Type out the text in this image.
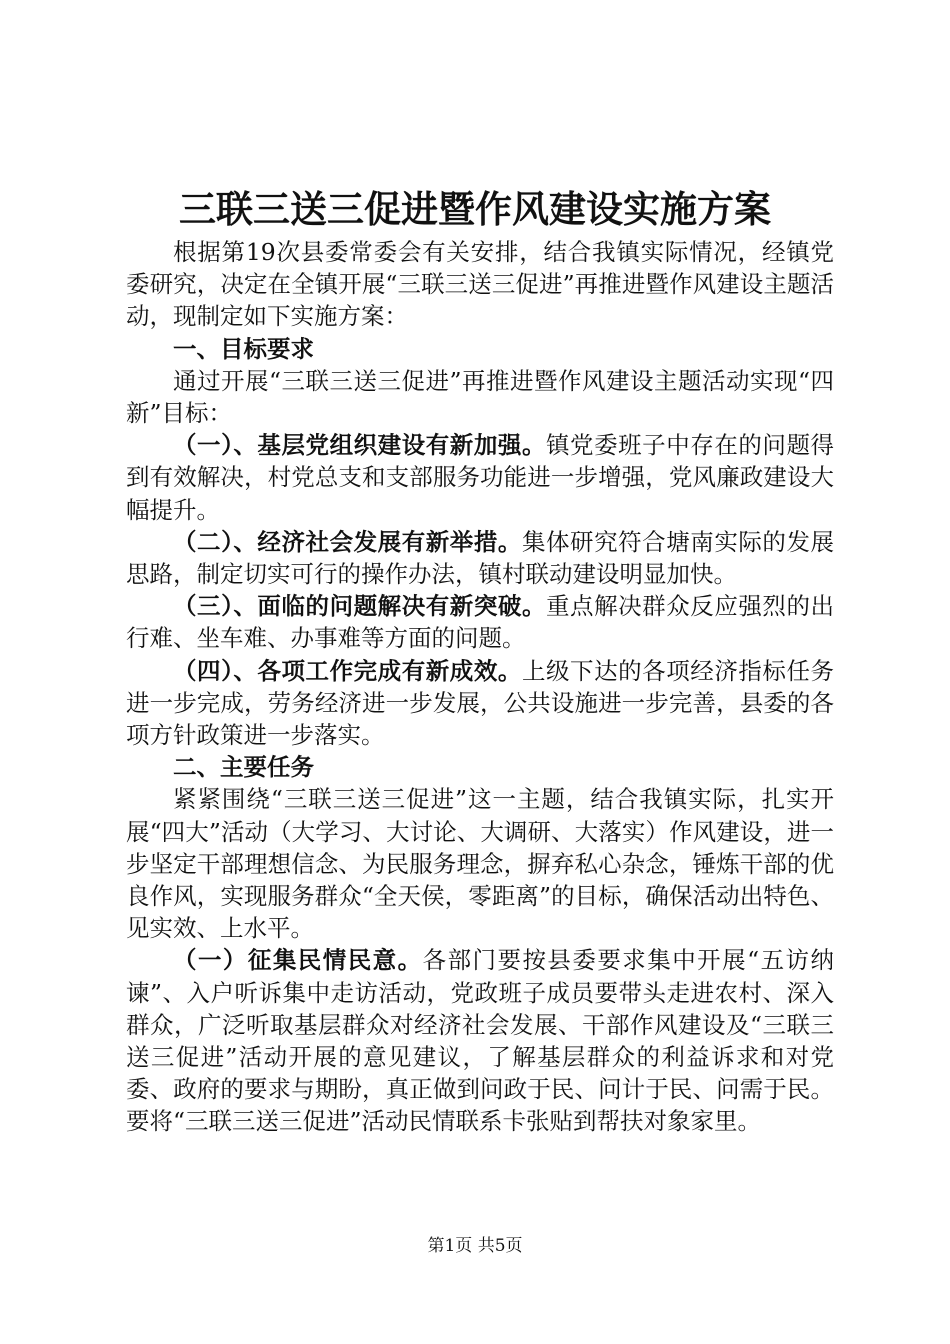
三联三送三促进暨作风建设实施方案

根据第19次县委常委会有关安排，结合我镇实际情况，经镇党委研究，决定在全镇开展“三联三送三促进”再推进暨作风建设主题活动，现制定如下实施方案：

一、目标要求

通过开展“三联三送三促进”再推进暨作风建设主题活动实现“四新”目标：

（一）、基层党组织建设有新加强。镇党委班子中存在的问题得到有效解决，村党总支和支部服务功能进一步增强，党风廉政建设大幅提升。

（二）、经济社会发展有新举措。集体研究符合塘南实际的发展思路，制定切实可行的操作办法，镇村联动建设明显加快。

（三）、面临的问题解决有新突破。重点解决群众反应强烈的出行难、坐车难、办事难等方面的问题。

（四）、各项工作完成有新成效。上级下达的各项经济指标任务进一步完成，劳务经济进一步发展，公共设施进一步完善，县委的各项方针政策进一步落实。

二、主要任务

紧紧围绕“三联三送三促进”这一主题，结合我镇实际，扎实开展“四大”活动（大学习、大讨论、大调研、大落实）作风建设，进一步坚定干部理想信念、为民服务理念，摒弃私心杂念，锤炼干部的优良作风，实现服务群众“全天侯，零距离”的目标，确保活动出特色、见实效、上水平。

（一）征集民情民意。各部门要按县委要求集中开展“五访纳谏”、入户听诉集中走访活动，党政班子成员要带头走进农村、深入群众，广泛听取基层群众对经济社会发展、干部作风建设及“三联三送三促进”活动开展的意见建议，了解基层群众的利益诉求和对党委、政府的要求与期盼，真正做到问政于民、问计于民、问需于民。要将“三联三送三促进”活动民情联系卡张贴到帮扶对象家里。

第1页 共5页
